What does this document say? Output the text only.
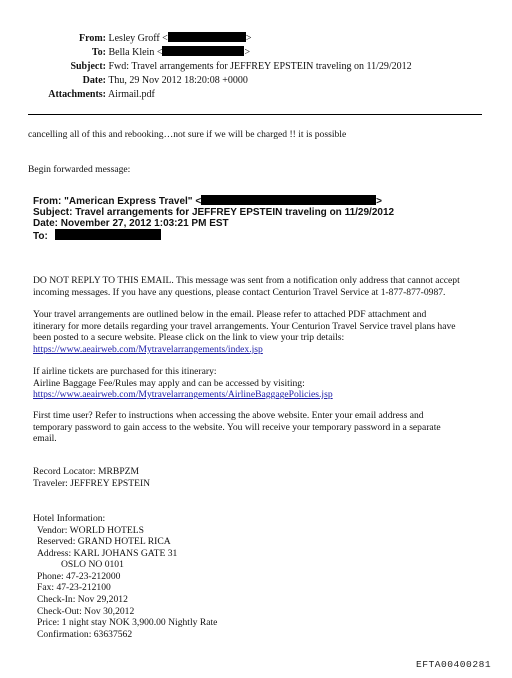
From: Lesley Groff <	>
To: Bella Klein <	>
Subject: Fwd: Travel arrangements for JEFFREY EPSTEIN traveling on 11/29/2012
Date: Thu, 29 Nov 2012 18:20:08 +0000
Attachments: Airmail.pdf
cancelling all of this and rebooking…not sure if we will be charged !! it is possible
Begin forwarded message:
From: "American Express Travel" <	>
Subject: Travel arrangements for JEFFREY EPSTEIN traveling on 11/29/2012
Date: November 27, 2012 1:03:21 PM EST
To:
DO NOT REPLY TO THIS EMAIL. This message was sent from a notification only address that cannot accept
incoming messages. If you have any questions, please contact Centurion Travel Service at 1-877-877-0987.
Your travel arrangements are outlined below in the email. Please refer to attached PDF attachment and
itinerary for more details regarding your travel arrangements. Your Centurion Travel Service travel plans have
been posted to a secure website. Please click on the link to view your trip details:
https://www.aeairweb.com/Mytravelarrangements/index.jsp
If airline tickets are purchased for this itinerary:
Airline Baggage Fee/Rules may apply and can be accessed by visiting:
https://www.aeairweb.com/Mytravelarrangements/AirlineBaggagePolicies.jsp
First time user? Refer to instructions when accessing the above website. Enter your email address and
temporary password to gain access to the website. You will receive your temporary password in a separate
email.
Record Locator: MRBPZM
Traveler: JEFFREY EPSTEIN
Hotel Information:
Vendor: WORLD HOTELS
Reserved: GRAND HOTEL RICA
Address: KARL JOHANS GATE 31
OSLO NO 0101
Phone: 47-23-212000
Fax: 47-23-212100
Check-In: Nov 29,2012
Check-Out: Nov 30,2012
Price: 1 night stay NOK 3,900.00 Nightly Rate
Confirmation: 63637562
EFTA00400281
